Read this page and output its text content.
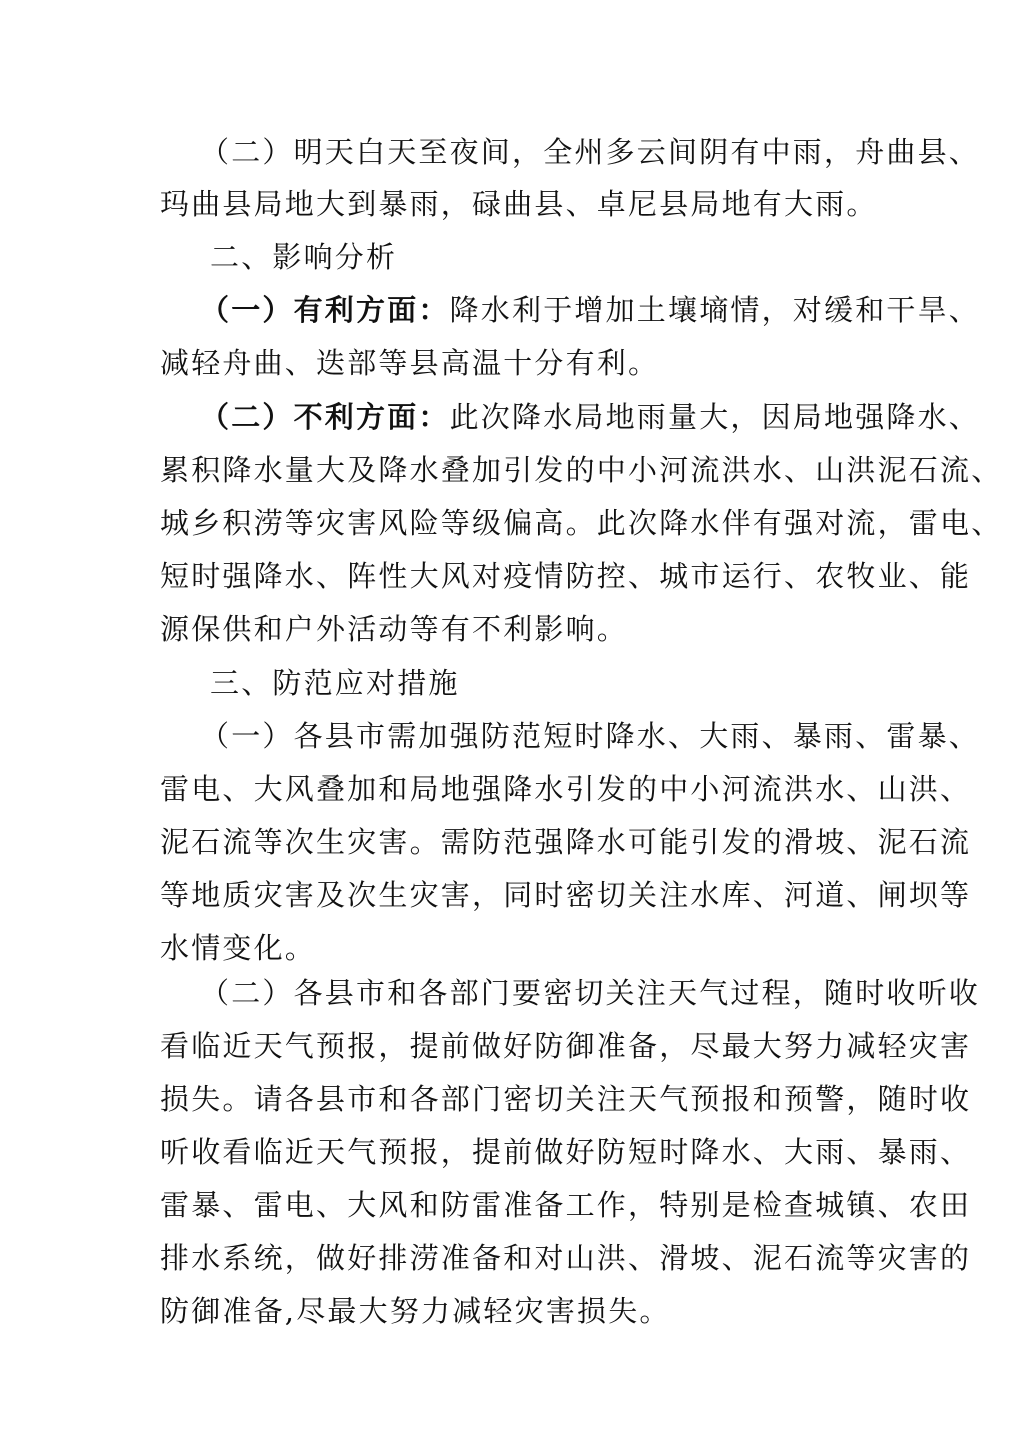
（二）明天白天至夜间，全州多云间阴有中雨，舟曲县、
玛曲县局地大到暴雨，碌曲县、卓尼县局地有大雨。
二、影响分析
（一）有利方面：降水利于增加土壤墒情，对缓和干旱、
减轻舟曲、迭部等县高温十分有利。
（二）不利方面：此次降水局地雨量大，因局地强降水、
累积降水量大及降水叠加引发的中小河流洪水、山洪泥石流、
城乡积涝等灾害风险等级偏高。此次降水伴有强对流，雷电、
短时强降水、阵性大风对疫情防控、城市运行、农牧业、能
源保供和户外活动等有不利影响。
三、防范应对措施
（一）各县市需加强防范短时降水、大雨、暴雨、雷暴、
雷电、大风叠加和局地强降水引发的中小河流洪水、山洪、
泥石流等次生灾害。需防范强降水可能引发的滑坡、泥石流
等地质灾害及次生灾害，同时密切关注水库、河道、闸坝等
水情变化。
（二）各县市和各部门要密切关注天气过程，随时收听收
看临近天气预报，提前做好防御准备，尽最大努力减轻灾害
损失。请各县市和各部门密切关注天气预报和预警，随时收
听收看临近天气预报，提前做好防短时降水、大雨、暴雨、
雷暴、雷电、大风和防雷准备工作，特别是检查城镇、农田
排水系统，做好排涝准备和对山洪、滑坡、泥石流等灾害的
防御准备,尽最大努力减轻灾害损失。
